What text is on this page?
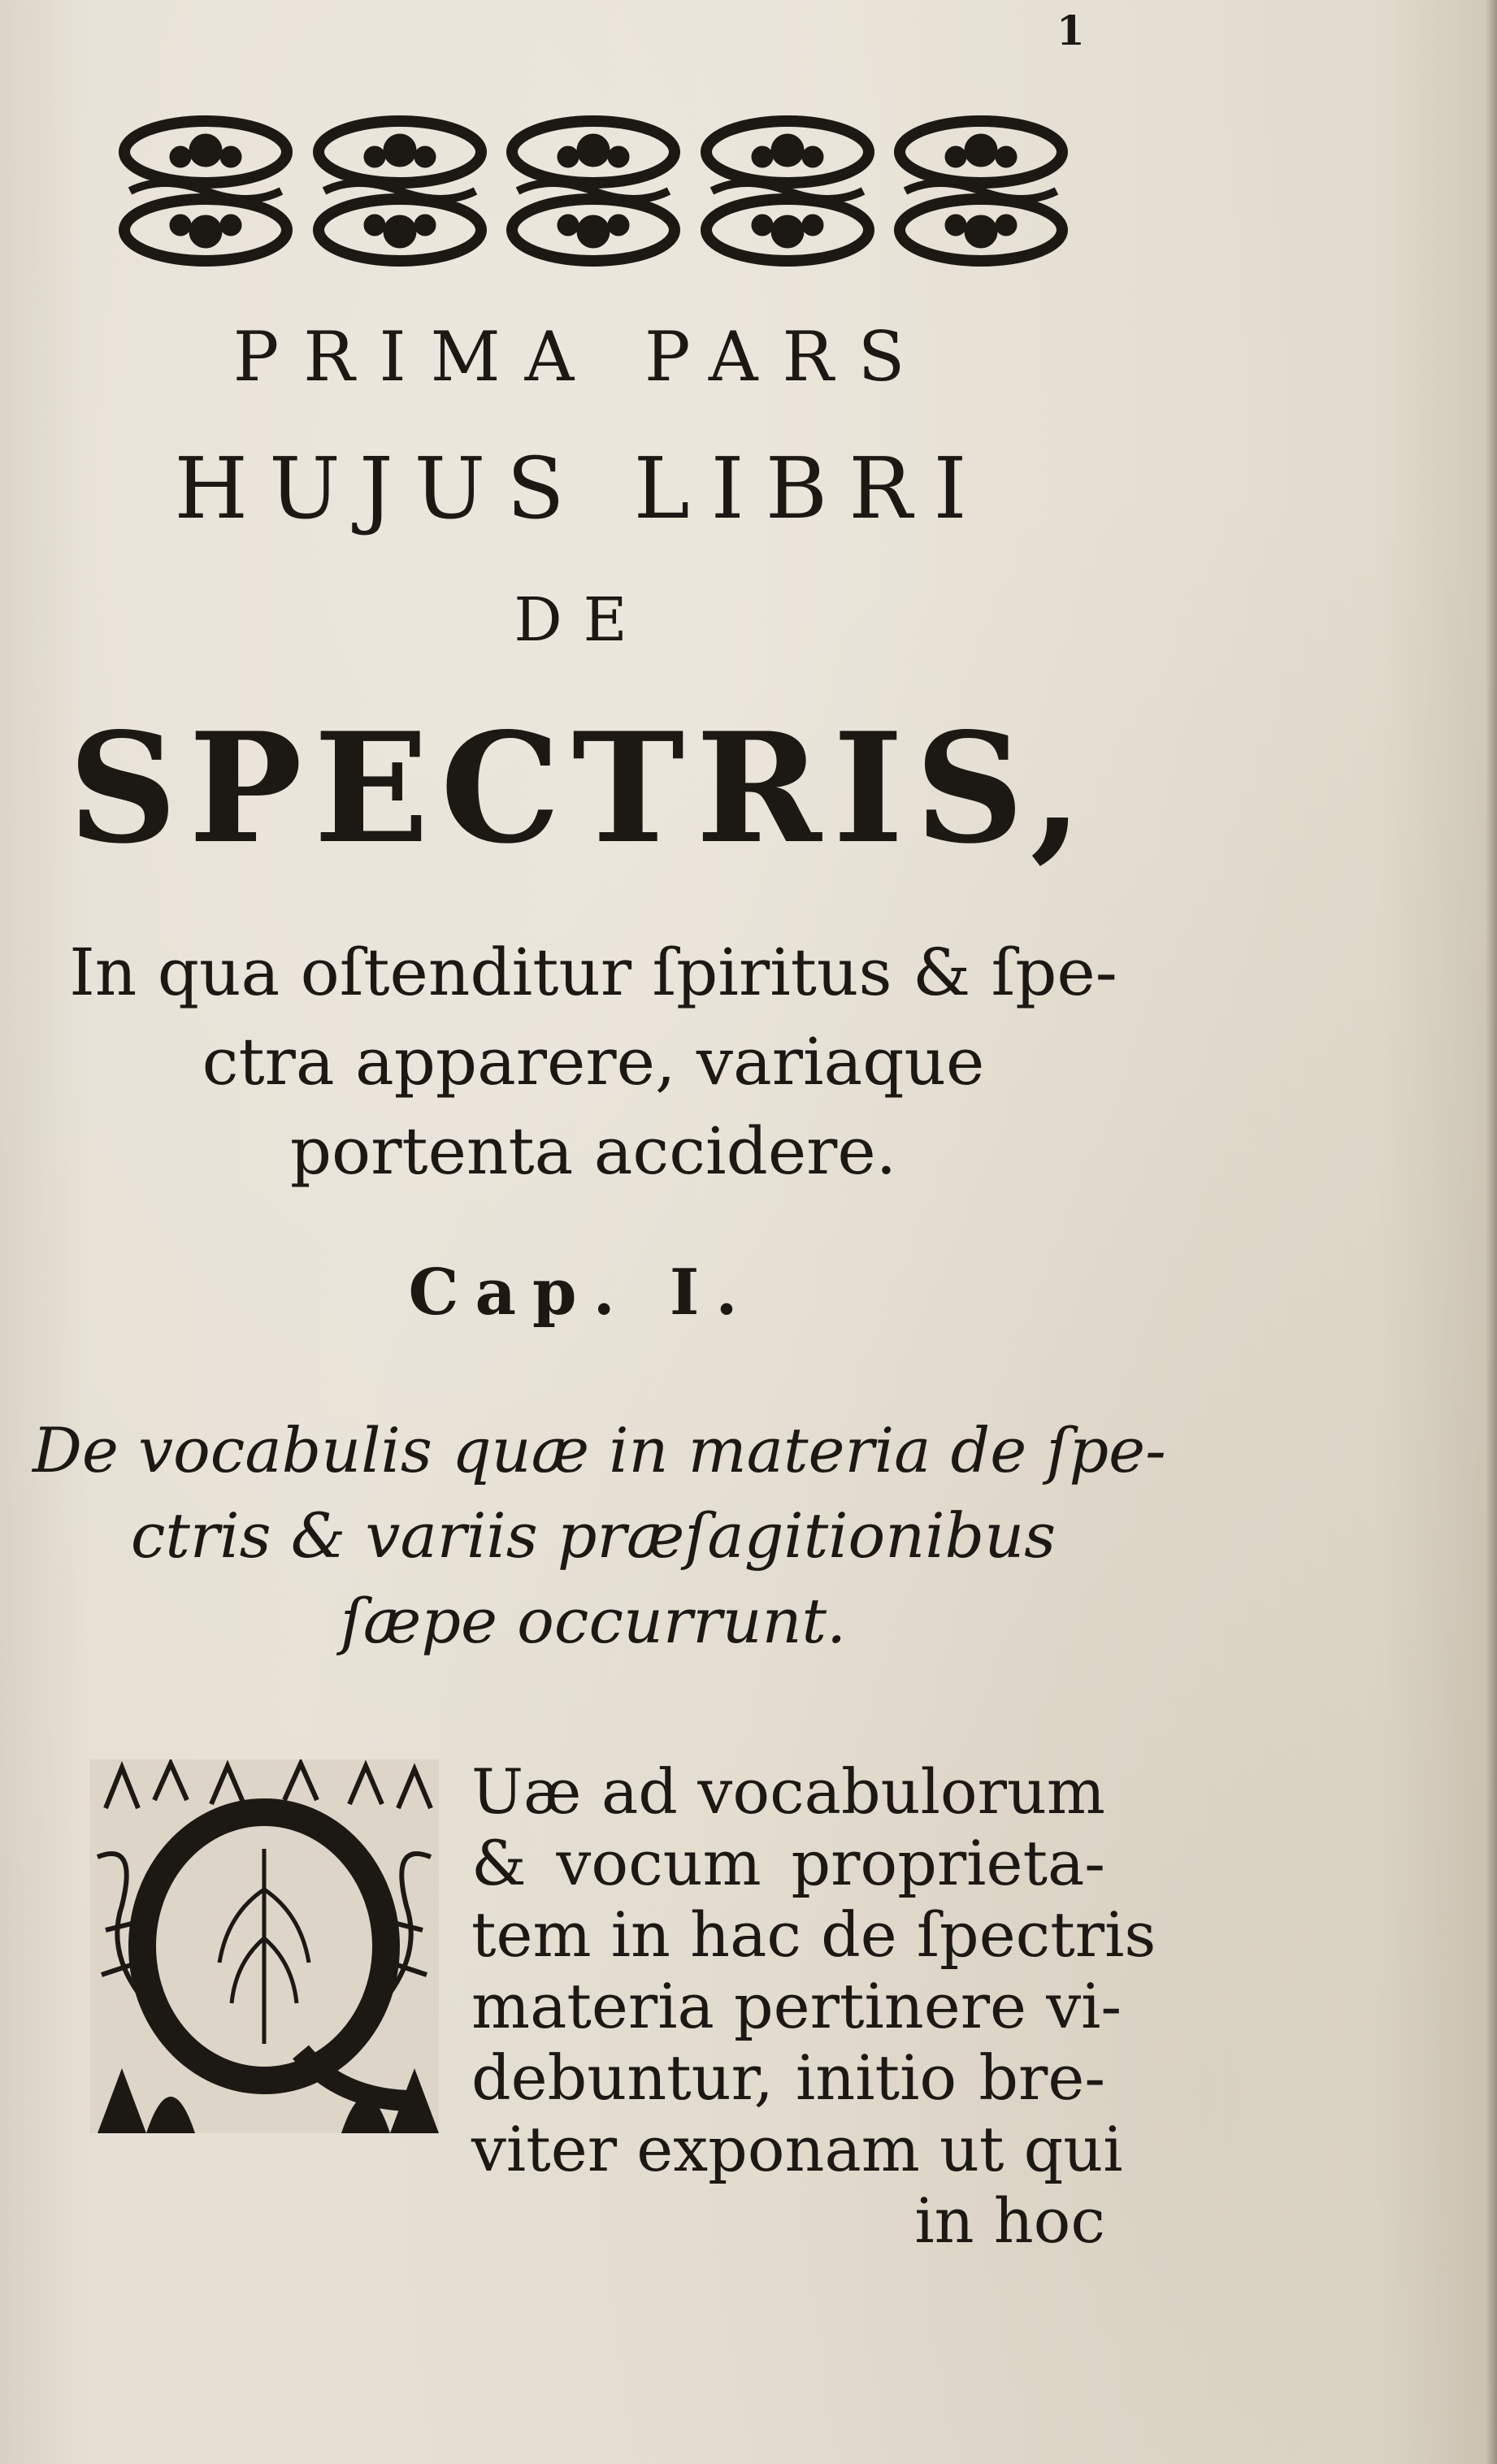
1
PRIMA PARS
HUJUS LIBRI
DE
SPECTRIS,
In qua oſtenditur ſpiritus & ſpe-
ctra apparere, variaque
portenta accidere.
Cap. I.
De vocabulis quæ in materia de ſpe-
ctris & variis præſagitionibus
ſæpe occurrunt.
Uæ ad vocabulorum
& vocum proprieta-
tem in hac de ſpectris
materia pertinere vi-
debuntur, initio bre-
viter exponam ut qui
in hoc
